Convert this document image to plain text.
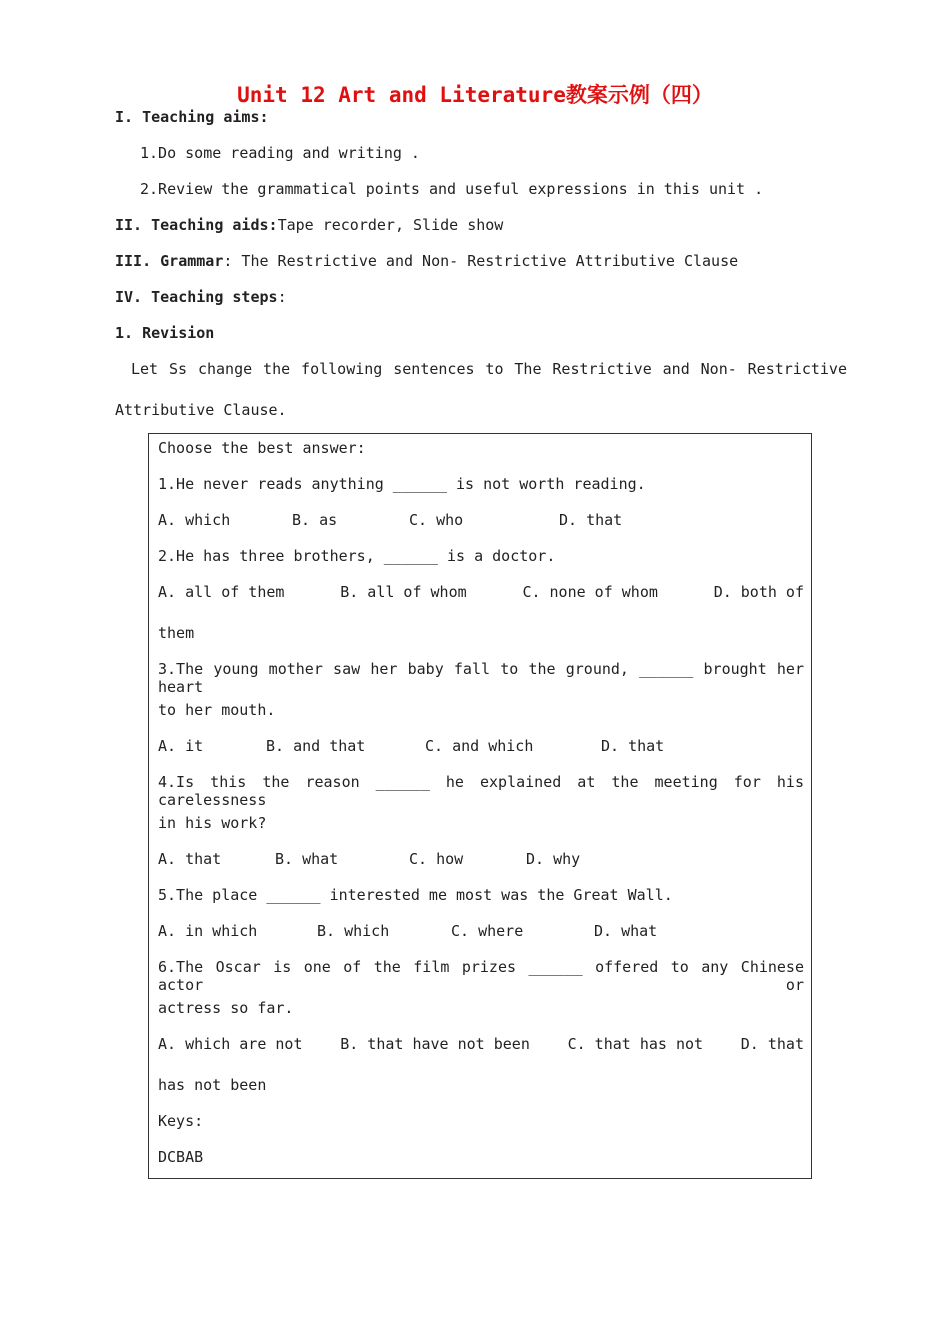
Unit 12 Art and Literature教案示例（四）
I. Teaching aims:
1.Do some reading and writing .
2.Review the grammatical points and useful expressions in this unit .
II. Teaching aids:Tape recorder, Slide show
III. Grammar: The Restrictive and Non- Restrictive Attributive Clause
IV. Teaching steps:
1. Revision
Let Ss change the following sentences to The Restrictive and Non- Restrictive
Attributive Clause.
Choose the best answer:
1.He never reads anything ______ is not worth reading.
A. which	B. as	C. who	D. that
2.He has three brothers, ______ is a doctor.
A. all of them	B. all of whom	C. none of whom	D. both of
them
3.The young mother saw her baby fall to the ground, ______ brought her heart
to her mouth.
A. it	B. and that	C. and which	D. that
4.Is this the reason ______ he explained at the meeting for his carelessness
in his work?
A. that	B. what	C. how	D. why
5.The place ______ interested me most was the Great Wall.
A. in which	B. which	C. where	D. what
6.The Oscar is one of the film prizes ______ offered to any Chinese actor or
actress so far.
A. which are not	B. that have not been	C. that has not	D. that
has not been
Keys:
DCBAB
